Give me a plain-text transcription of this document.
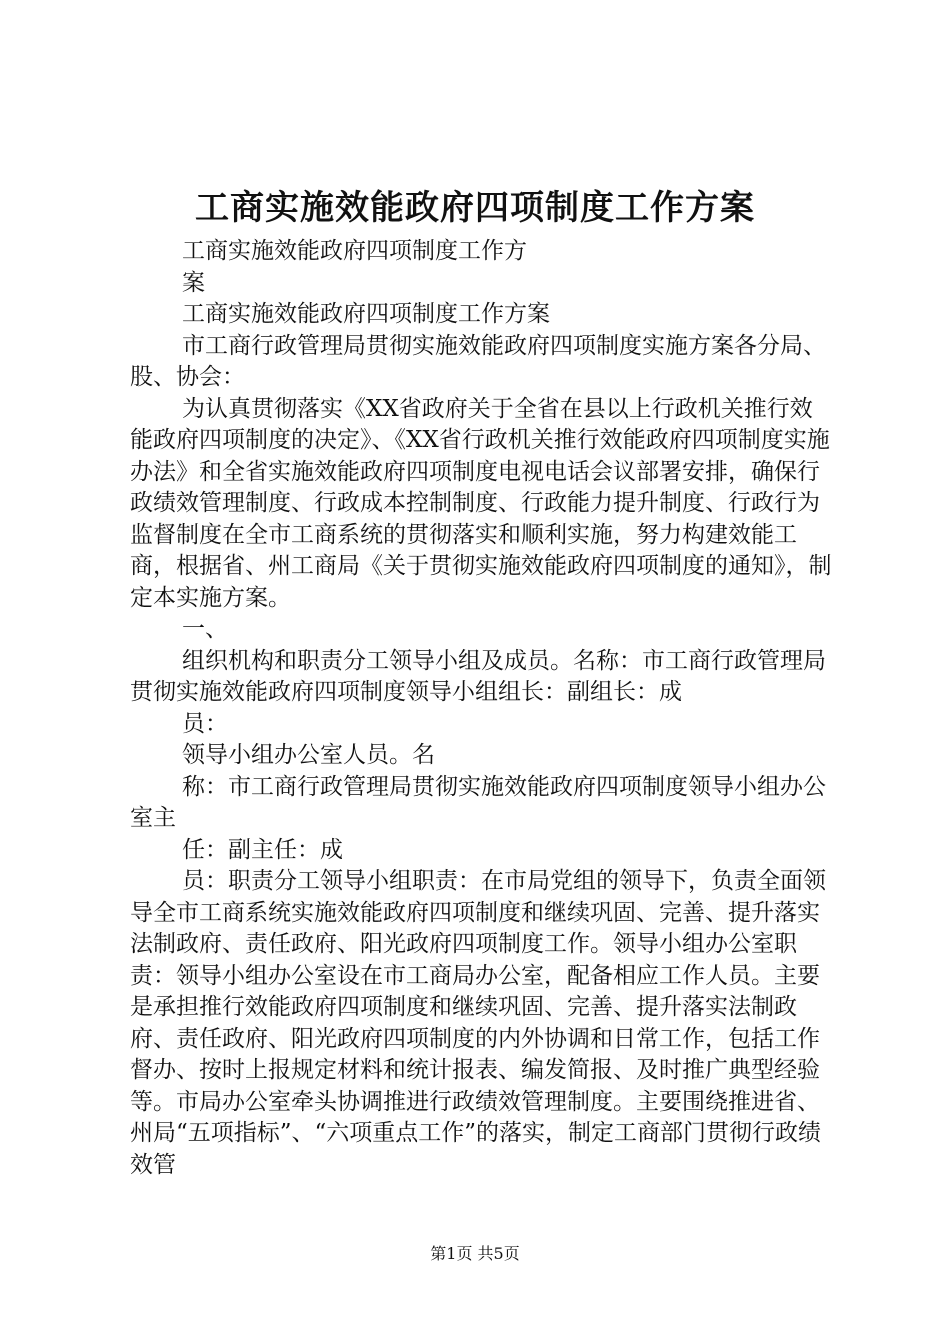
工商实施效能政府四项制度工作方案

工商实施效能政府四项制度工作方

案

工商实施效能政府四项制度工作方案

市工商行政管理局贯彻实施效能政府四项制度实施方案各分局、股、协会：

为认真贯彻落实《XX省政府关于全省在县以上行政机关推行效能政府四项制度的决定》、《XX省行政机关推行效能政府四项制度实施办法》和全省实施效能政府四项制度电视电话会议部署安排，确保行政绩效管理制度、行政成本控制制度、行政能力提升制度、行政行为监督制度在全市工商系统的贯彻落实和顺利实施，努力构建效能工商，根据省、州工商局《关于贯彻实施效能政府四项制度的通知》，制定本实施方案。

一、

组织机构和职责分工领导小组及成员。名称：市工商行政管理局贯彻实施效能政府四项制度领导小组组长：副组长：成

员：

领导小组办公室人员。名

称：市工商行政管理局贯彻实施效能政府四项制度领导小组办公室主

任：副主任：成

员：职责分工领导小组职责：在市局党组的领导下，负责全面领导全市工商系统实施效能政府四项制度和继续巩固、完善、提升落实法制政府、责任政府、阳光政府四项制度工作。领导小组办公室职责：领导小组办公室设在市工商局办公室，配备相应工作人员。主要是承担推行效能政府四项制度和继续巩固、完善、提升落实法制政府、责任政府、阳光政府四项制度的内外协调和日常工作，包括工作督办、按时上报规定材料和统计报表、编发简报、及时推广典型经验等。市局办公室牵头协调推进行政绩效管理制度。主要围绕推进省、州局“五项指标”、“六项重点工作”的落实，制定工商部门贯彻行政绩效管

第1页 共5页
